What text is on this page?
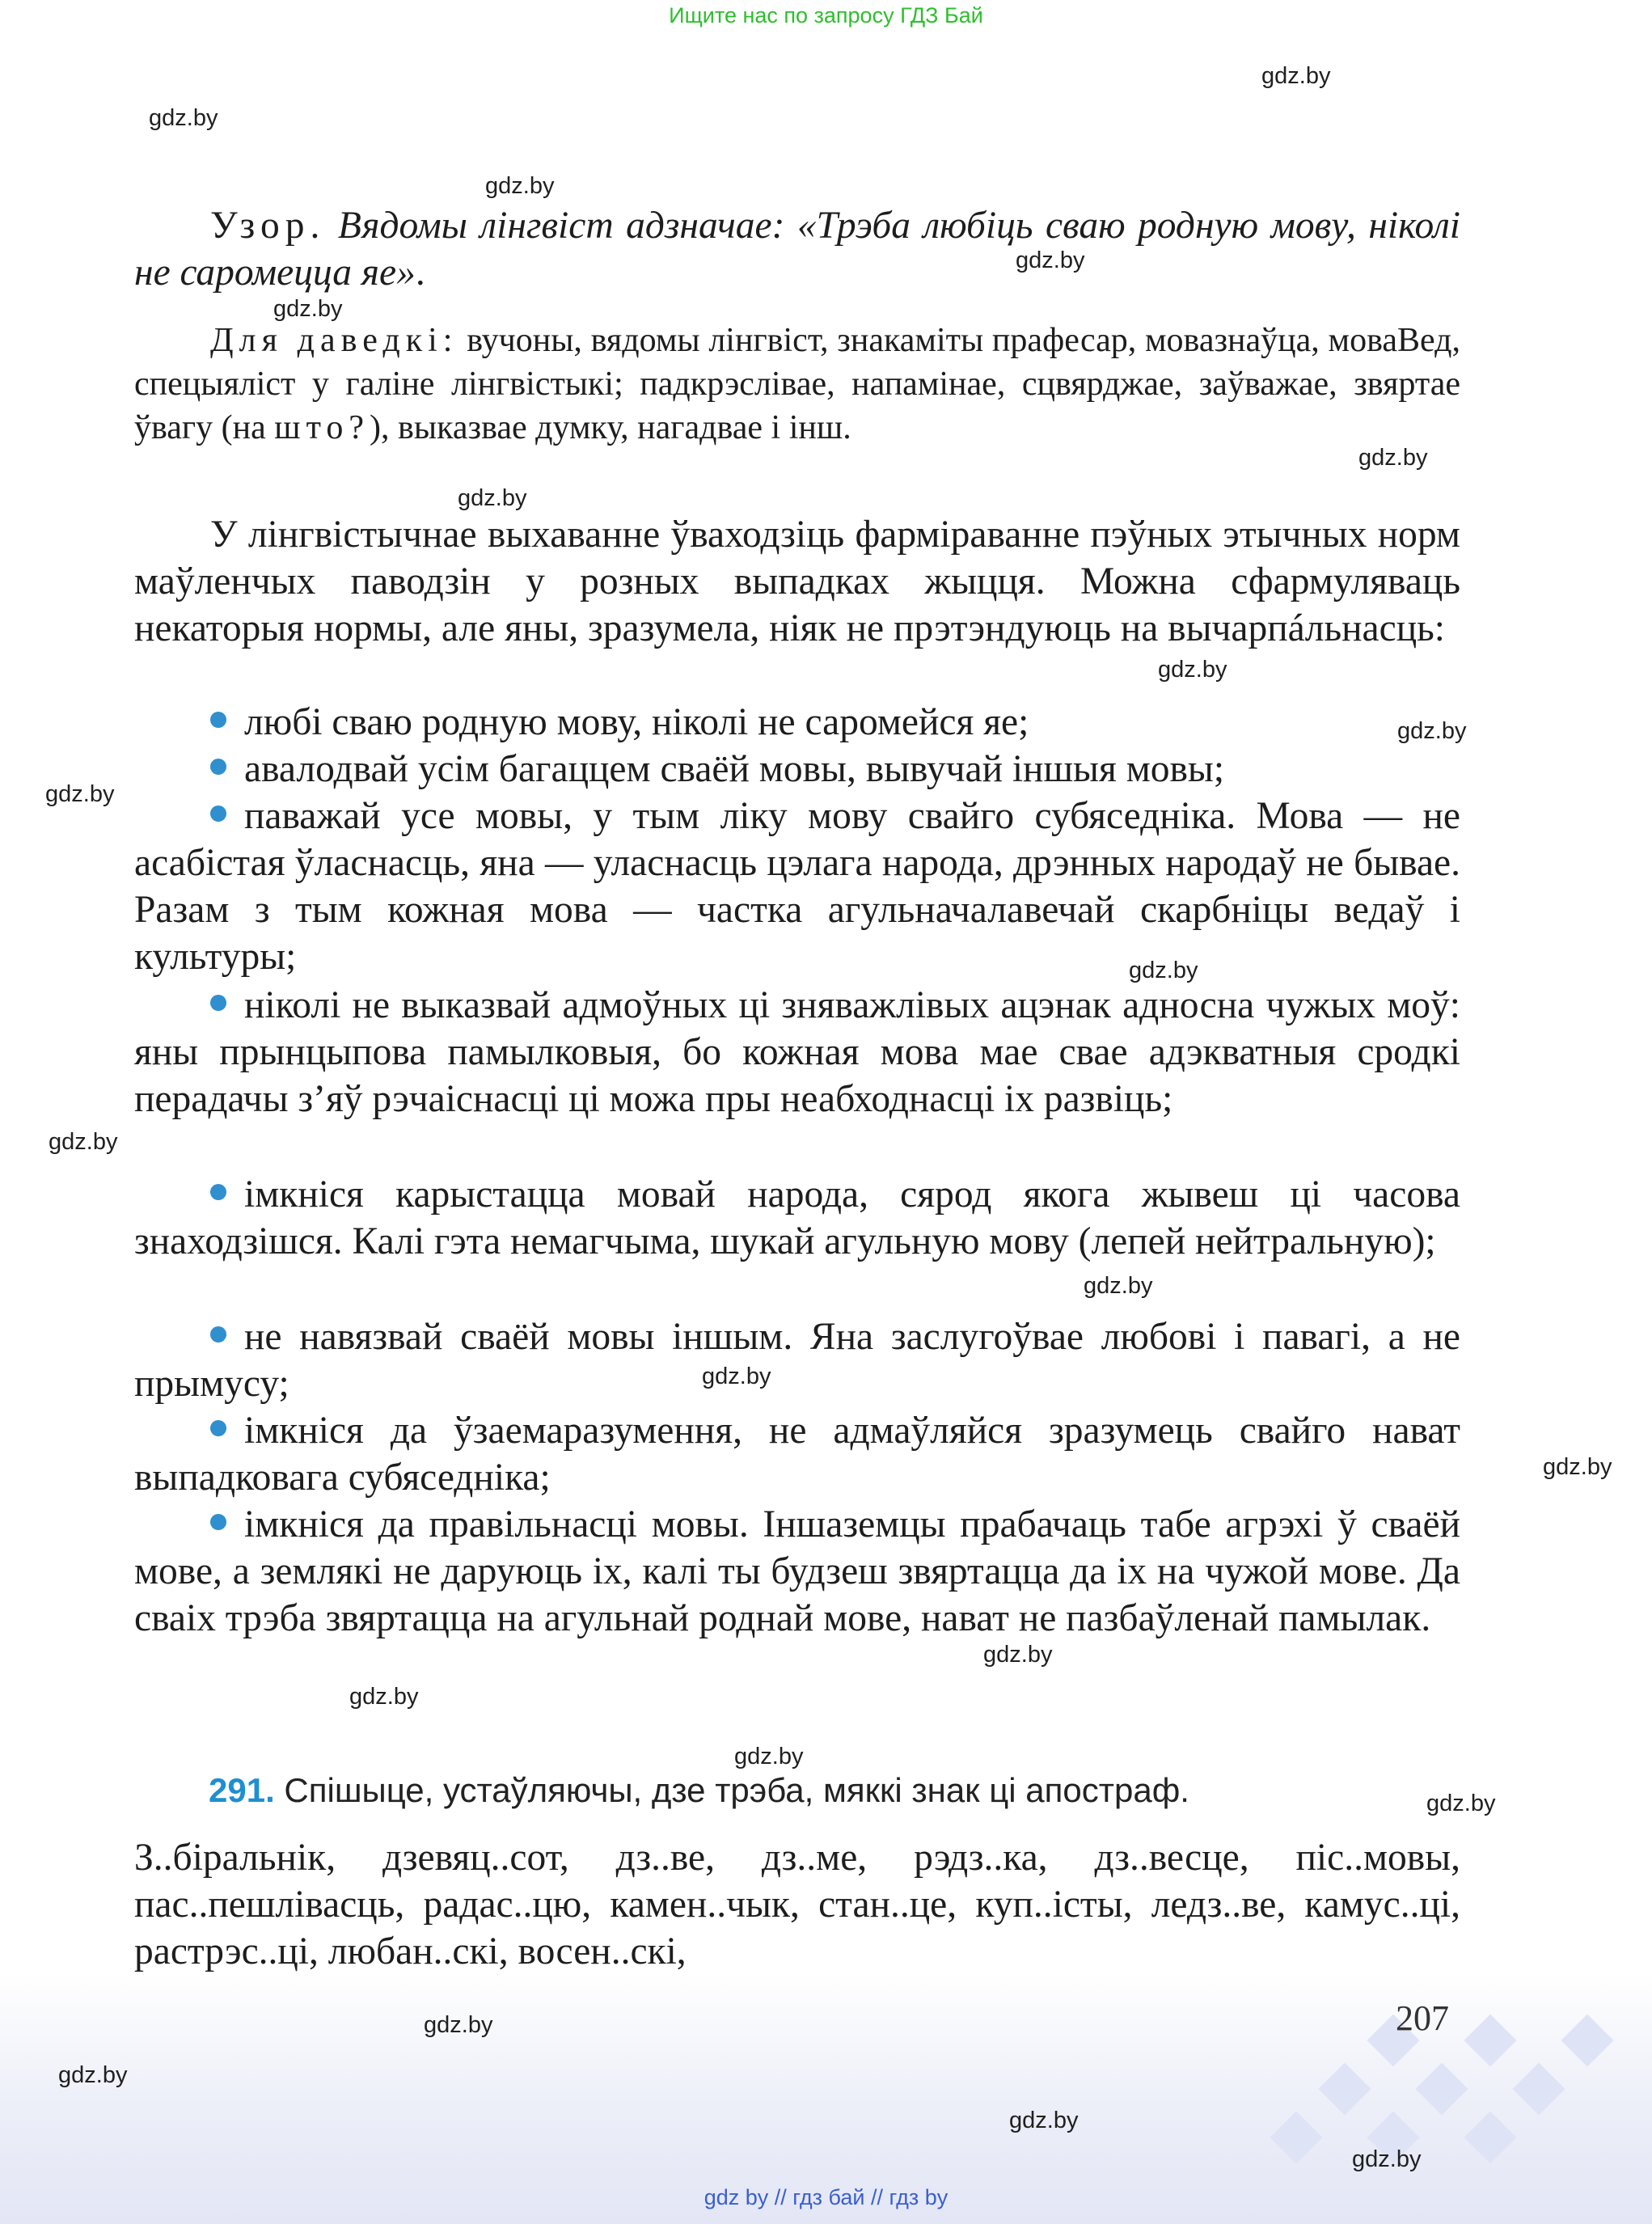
Ищите нас по запросу ГДЗ Бай
gdz.by
gdz.by
gdz.by
gdz.by
gdz.by
gdz.by
gdz.by
gdz.by
gdz.by
gdz.by
gdz.by
gdz.by
gdz.by
gdz.by
gdz.by
gdz.by
gdz.by
gdz.by
gdz.by
gdz.by
gdz.by
gdz.by
gdz.by

Узор. Вядомы лінгвіст адзначае: «Трэба любіць сваю родную мову, ніколі не саромецца яе».

Для даведкі: вучоны, вядомы лінгвіст, знакаміты прафесар, мовазнаўца, моваВед, спецыяліст у галіне лінгвістыкі; падкрэслівае, напамінае, сцвярджае, заўважае, звяртае ўвагу (на што?), выказвае думку, нагадвае і інш.

У лінгвістычнае выхаванне ўваходзіць фарміраванне пэўных этычных норм маўленчых паводзін у розных выпадках жыцця. Можна сфармуляваць некаторыя нормы, але яны, зразумела, ніяк не прэтэндуюць на вычарпáльнасць:

любі сваю родную мову, ніколі не саромейся яе;

авалодвай усім багаццем сваёй мовы, вывучай іншыя мовы;

паважай усе мовы, у тым ліку мову свайго субяседніка. Мова — не асабістая ўласнасць, яна — уласнасць цэлага народа, дрэнных народаў не бывае. Разам з тым кожная мова — частка агульначалавечай скарбніцы ведаў і культуры;

ніколі не выказвай адмоўных ці зняважлівых ацэнак адносна чужых моў: яны прынцыпова памылковыя, бо кожная мова мае свае адэкватныя сродкі перадачы з’яў рэчаіснасці ці можа пры неабходнасці іх развіць;

імкніся карыстацца мовай народа, сярод якога жывеш ці часова знаходзішся. Калі гэта немагчыма, шукай агульную мову (лепей нейтральную);

не навязвай сваёй мовы іншым. Яна заслугоўвае любові і павагі, а не прымусу;

імкніся да ўзаемаразумення, не адмаўляйся зразумець свайго нават выпадковага субяседніка;

імкніся да правільнасці мовы. Іншаземцы прабачаць табе агрэхі ў сваёй мове, а землякі не даруюць іх, калі ты будзеш звяртацца да іх на чужой мове. Да сваіх трэба звяртацца на агульнай роднай мове, нават не пазбаўленай памылак.

291. Спішыце, устаўляючы, дзе трэба, мяккі знак ці апостраф.

З..біральнік, дзевяц..сот, дз..ве, дз..ме, рэдз..ка, дз..весце, піс..мовы, пас..пешлівасць, радас..цю, камен..чык, стан..це, куп..істы, ледз..ве, камус..ці, растрэс..ці, любан..скі, восен..скі,

207
gdz by // гдз бай // гдз by
